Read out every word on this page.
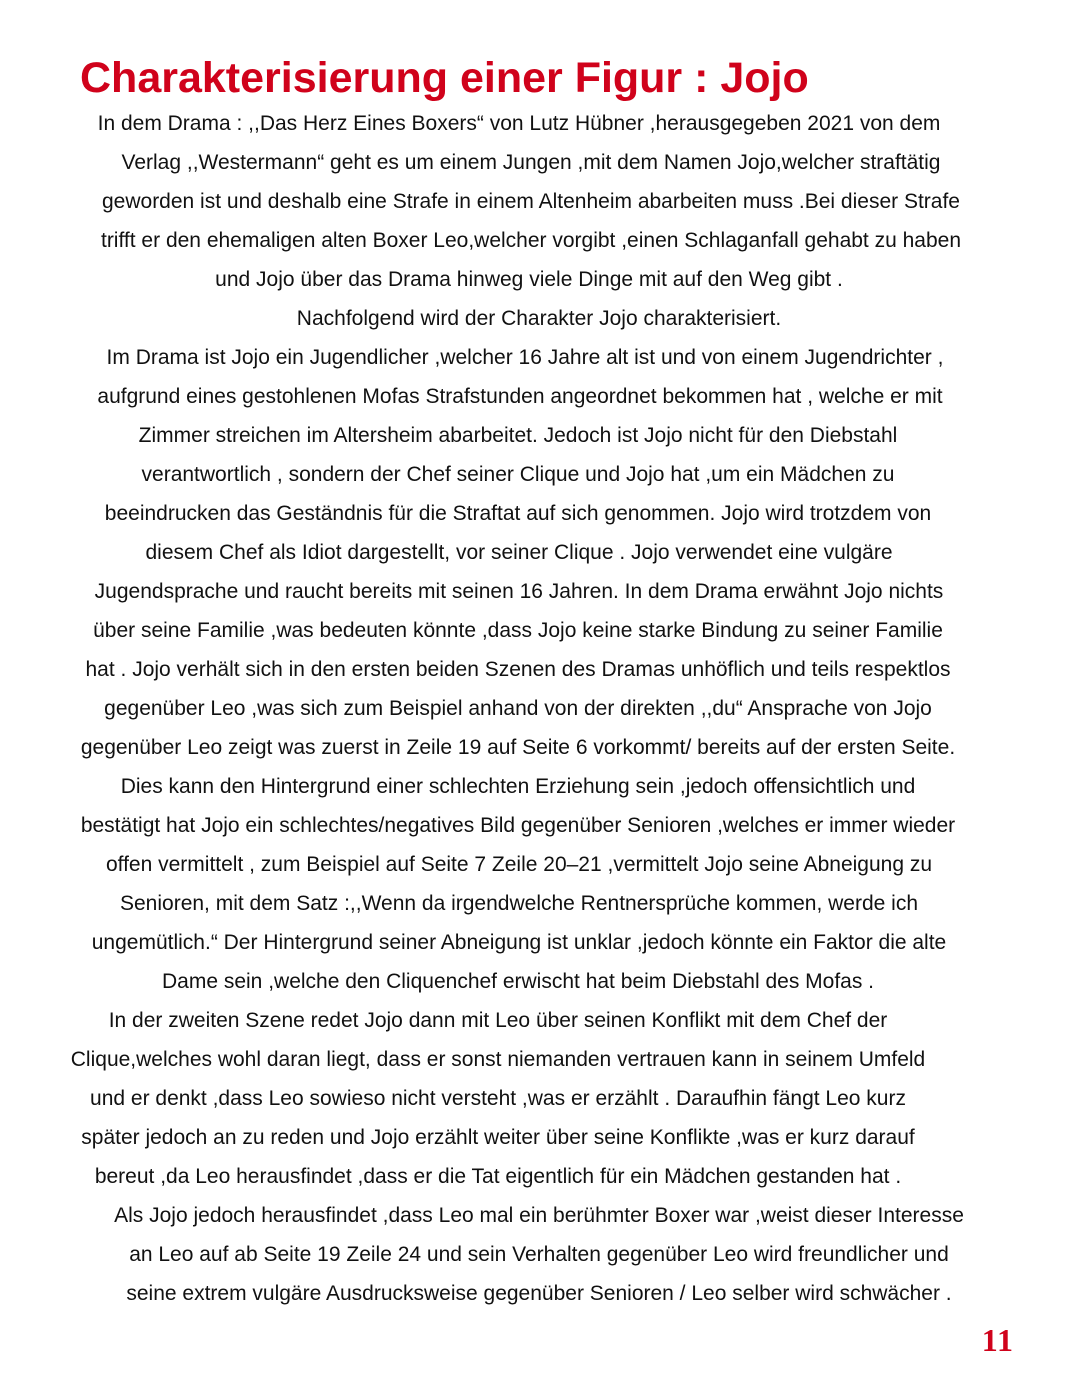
Charakterisierung einer Figur : Jojo
In dem Drama : ,,Das Herz Eines Boxers“ von Lutz Hübner ,herausgegeben 2021 von dem
Verlag ,,Westermann“ geht es um einem Jungen ,mit dem Namen Jojo,welcher straftätig
geworden ist und deshalb eine Strafe in einem Altenheim abarbeiten muss .Bei dieser Strafe
trifft er den ehemaligen alten Boxer Leo,welcher vorgibt ,einen Schlaganfall gehabt zu haben
und Jojo über das Drama hinweg viele Dinge mit auf den Weg gibt .
Nachfolgend wird der Charakter Jojo charakterisiert.
Im Drama ist Jojo ein Jugendlicher ,welcher 16 Jahre alt ist und von einem Jugendrichter ,
aufgrund eines gestohlenen Mofas Strafstunden angeordnet bekommen hat , welche er mit
Zimmer streichen im Altersheim abarbeitet. Jedoch ist Jojo nicht für den Diebstahl
verantwortlich , sondern der Chef seiner Clique und Jojo hat ,um ein Mädchen zu
beeindrucken das Geständnis für die Straftat auf sich genommen. Jojo wird trotzdem von
diesem Chef als Idiot dargestellt, vor seiner Clique . Jojo verwendet eine vulgäre
Jugendsprache und raucht bereits mit seinen 16 Jahren. In dem Drama erwähnt Jojo nichts
über seine Familie ,was bedeuten könnte ,dass Jojo keine starke Bindung zu seiner Familie
hat . Jojo verhält sich in den ersten beiden Szenen des Dramas unhöflich und teils respektlos
gegenüber Leo ,was sich zum Beispiel anhand von der direkten ,,du“ Ansprache von Jojo
gegenüber Leo zeigt was zuerst in Zeile 19 auf Seite 6 vorkommt/ bereits auf der ersten Seite.
Dies kann den Hintergrund einer schlechten Erziehung sein ,jedoch offensichtlich und
bestätigt hat Jojo ein schlechtes/negatives Bild gegenüber Senioren ,welches er immer wieder
offen vermittelt , zum Beispiel auf Seite 7 Zeile 20–21 ,vermittelt Jojo seine Abneigung zu
Senioren, mit dem Satz :,,Wenn da irgendwelche Rentnersprüche kommen, werde ich
ungemütlich.“ Der Hintergrund seiner Abneigung ist unklar ,jedoch könnte ein Faktor die alte
Dame sein ,welche den Cliquenchef erwischt hat beim Diebstahl des Mofas .
In der zweiten Szene redet Jojo dann mit Leo über seinen Konflikt mit dem Chef der
Clique,welches wohl daran liegt, dass er sonst niemanden vertrauen kann in seinem Umfeld
und er denkt ,dass Leo sowieso nicht versteht ,was er erzählt . Daraufhin fängt Leo kurz
später jedoch an zu reden und Jojo erzählt weiter über seine Konflikte ,was er kurz darauf
bereut ,da Leo herausfindet ,dass er die Tat eigentlich für ein Mädchen gestanden hat .
Als Jojo jedoch herausfindet ,dass Leo mal ein berühmter Boxer war ,weist dieser Interesse
an Leo auf ab Seite 19 Zeile 24 und sein Verhalten gegenüber Leo wird freundlicher und
seine extrem vulgäre Ausdrucksweise gegenüber Senioren / Leo selber wird schwächer .
11
